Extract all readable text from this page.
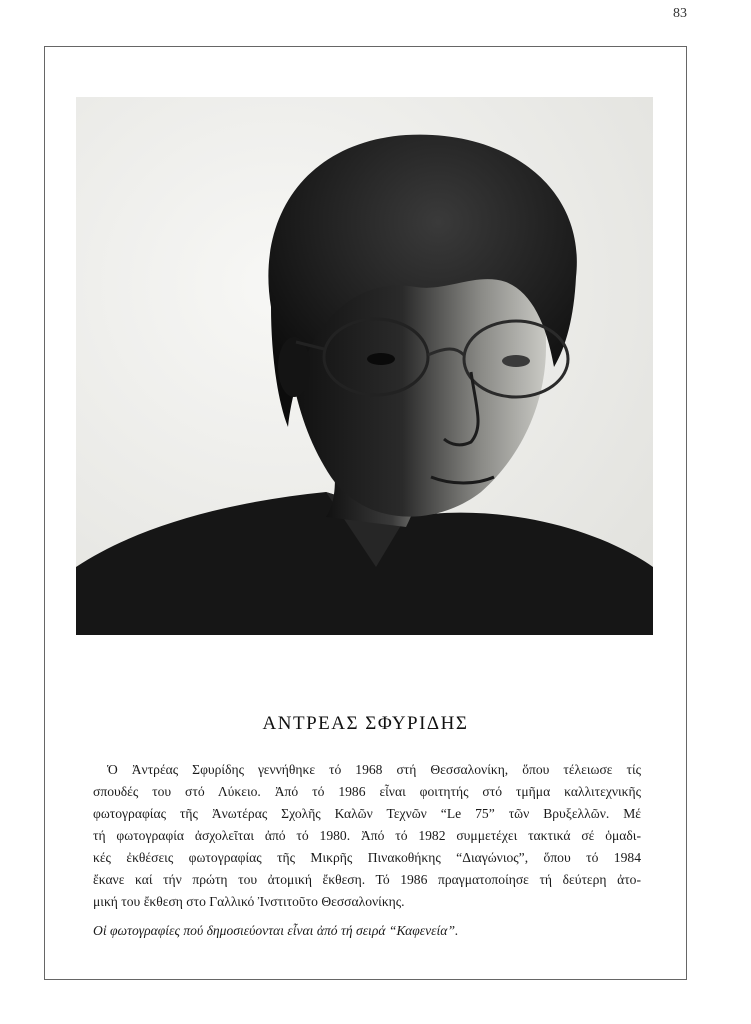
83
ΑΝΤΡΕΑΣ ΣΦΥΡΙΔΗΣ

Ὁ Ἀντρέας Σφυρίδης γεννήθηκε τό 1968 στή Θεσσαλονίκη, ὅπου τέλειωσε τίς
σπουδές του στό Λύκειο. Ἀπό τό 1986 εἶναι φοιτητής στό τμῆμα καλλιτεχνικῆς
φωτογραφίας τῆς Ἀνωτέρας Σχολῆς Καλῶν Τεχνῶν “Le 75” τῶν Βρυξελλῶν. Μέ
τή φωτογραφία ἀσχολεῖται ἀπό τό 1980. Ἀπό τό 1982 συμμετέχει τακτικά σέ ὁμαδι-
κές ἐκθέσεις φωτογραφίας τῆς Μικρῆς Πινακοθήκης “Διαγώνιος”, ὅπου τό 1984
ἔκανε καί τήν πρώτη του ἀτομική ἔκθεση. Τό 1986 πραγματοποίησε τή δεύτερη ἀτο-
μική του ἔκθεση στο Γαλλικό Ἰνστιτοῦτο Θεσσαλονίκης.

Οἱ φωτογραφίες πού δημοσιεύονται εἶναι ἀπό τή σειρά “Καφενεία”.
